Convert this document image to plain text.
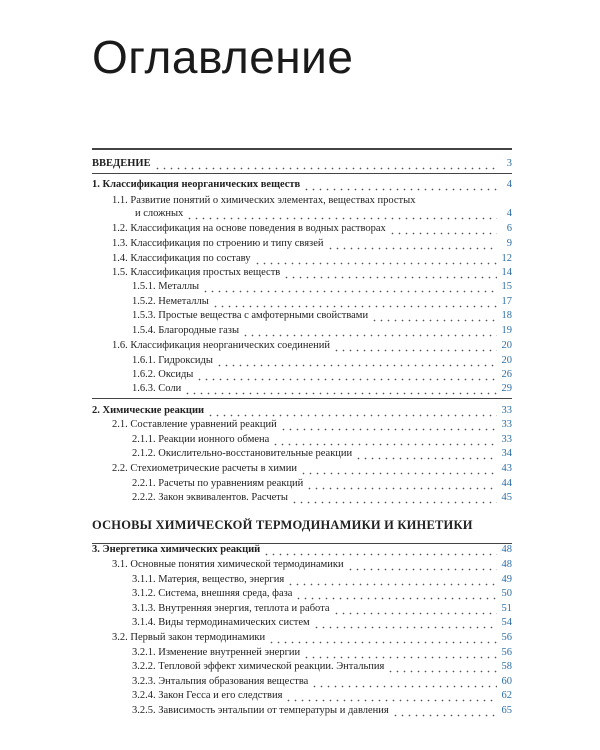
Оглавление
ОСНОВЫ ХИМИЧЕСКОЙ ТЕРМОДИНАМИКИ И КИНЕТИКИ
ВВЕДЕНИЕ	3
1. Классификация неорганических веществ	4
1.1. Развитие понятий о химических элементах, веществах простых
и сложных	4
1.2. Классификация на основе поведения в водных растворах	6
1.3. Классификация по строению и типу связей	9
1.4. Классификация по составу	12
1.5. Классификация простых веществ	14
1.5.1. Металлы	15
1.5.2. Неметаллы	17
1.5.3. Простые вещества с амфотерными свойствами	18
1.5.4. Благородные газы	19
1.6. Классификация неорганических соединений	20
1.6.1. Гидроксиды	20
1.6.2. Оксиды	26
1.6.3. Соли	29
2. Химические реакции	33
2.1. Составление уравнений реакций	33
2.1.1. Реакции ионного обмена	33
2.1.2. Окислительно-восстановительные реакции	34
2.2. Стехиометрические расчеты в химии	43
2.2.1. Расчеты по уравнениям реакций	44
2.2.2. Закон эквивалентов. Расчеты	45
3. Энергетика химических реакций	48
3.1. Основные понятия химической термодинамики	48
3.1.1. Материя, вещество, энергия	49
3.1.2. Система, внешняя среда, фаза	50
3.1.3. Внутренняя энергия, теплота и работа	51
3.1.4. Виды термодинамических систем	54
3.2. Первый закон термодинамики	56
3.2.1. Изменение внутренней энергии	56
3.2.2. Тепловой эффект химической реакции. Энтальпия	58
3.2.3. Энтальпия образования вещества	60
3.2.4. Закон Гесса и его следствия	62
3.2.5. Зависимость энтальпии от температуры и давления	65
